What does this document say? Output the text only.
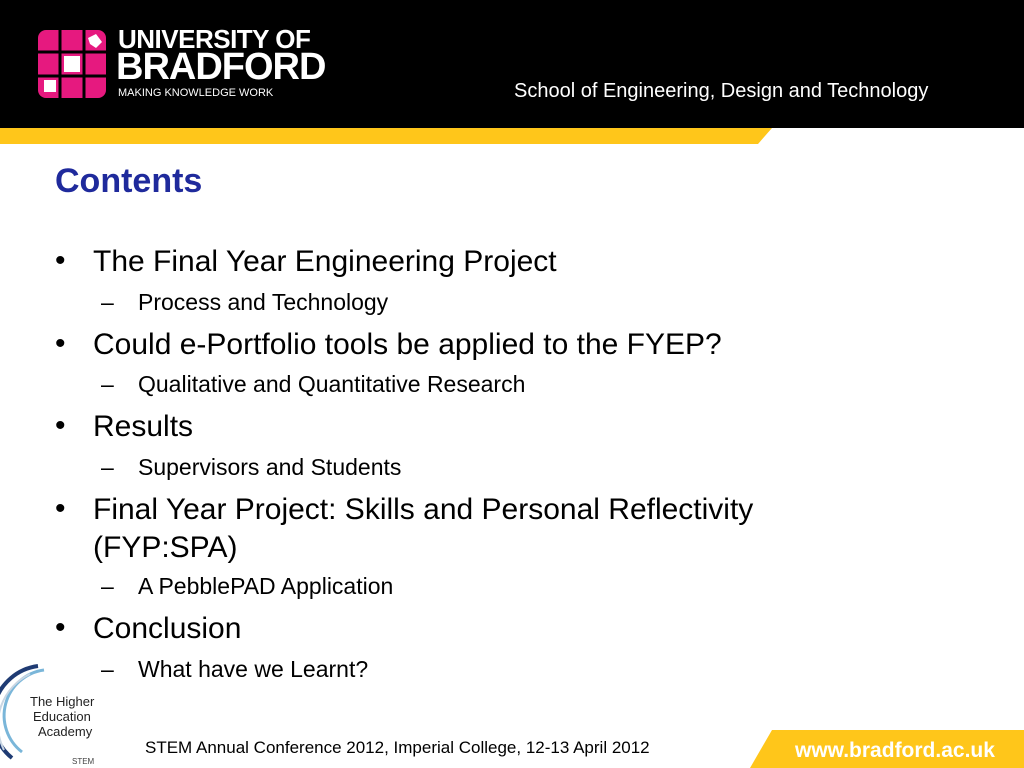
UNIVERSITY OF
BRADFORD
MAKING KNOWLEDGE WORK	School of Engineering, Design and Technology
Contents
• The Final Year Engineering Project
– Process and Technology
• Could e-Portfolio tools be applied to the FYEP?
– Qualitative and Quantitative Research
• Results
– Supervisors and Students
• Final Year Project: Skills and Personal Reflectivity
(FYP:SPA)
– A PebblePAD Application
• Conclusion
– What have we Learnt?
The Higher
Education
Academy
STEM
STEM Annual Conference 2012, Imperial College, 12-13 April 2012	www.bradford.ac.uk
